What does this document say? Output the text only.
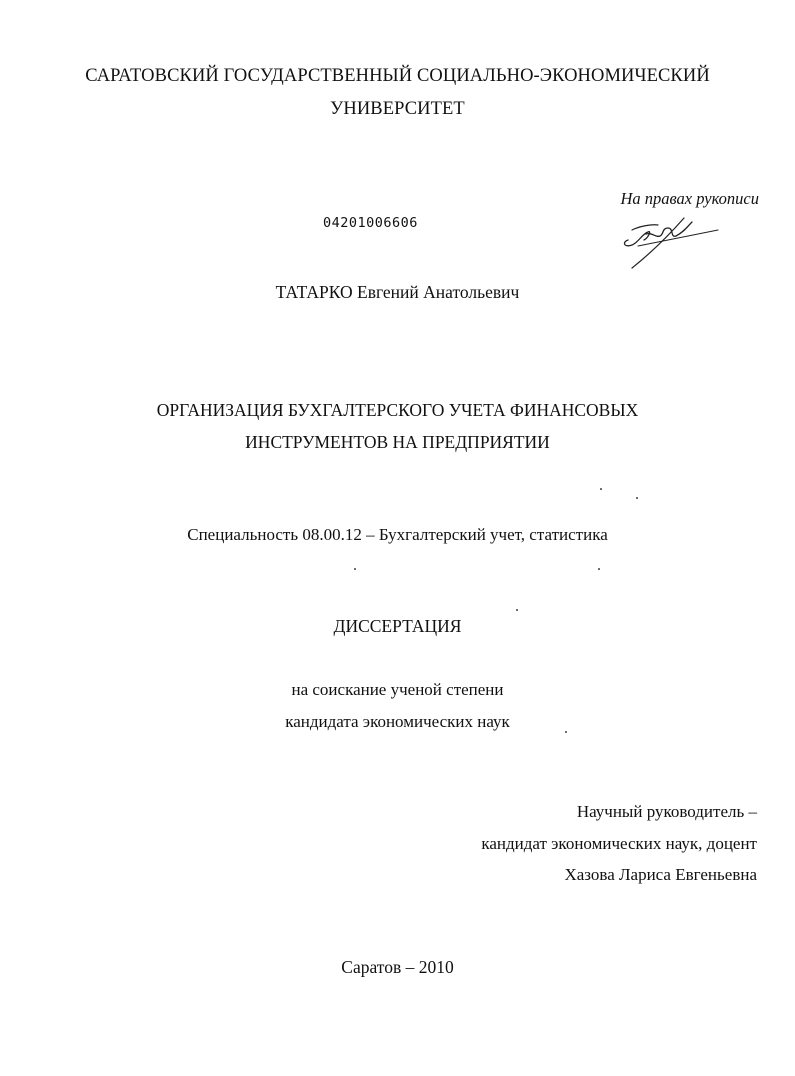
САРАТОВСКИЙ ГОСУДАРСТВЕННЫЙ СОЦИАЛЬНО-ЭКОНОМИЧЕСКИЙ
УНИВЕРСИТЕТ
На правах рукописи
04201006606
ТАТАРКО Евгений Анатольевич
ОРГАНИЗАЦИЯ БУХГАЛТЕРСКОГО УЧЕТА ФИНАНСОВЫХ
ИНСТРУМЕНТОВ НА ПРЕДПРИЯТИИ
Специальность 08.00.12 – Бухгалтерский учет, статистика
ДИССЕРТАЦИЯ
на соискание ученой степени
кандидата экономических наук
Научный руководитель –
кандидат экономических наук, доцент
Хазова Лариса Евгеньевна
Саратов – 2010
